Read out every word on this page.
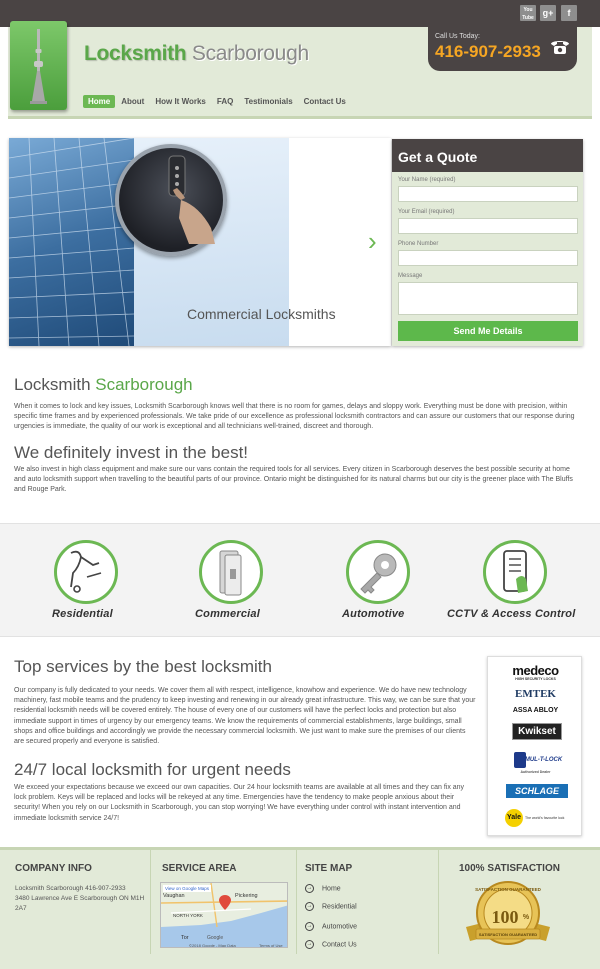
You Tube g+	f
Locksmith Scarborough
Home	About	How It Works	FAQ	Testimonials	Contact Us
Call Us Today:
416-907-2933
Commercial Locksmiths
›
Get a Quote
Your Name (required)
Your Email (required)
Phone Number
Message
Send Me Details
Locksmith Scarborough
When it comes to lock and key issues, Locksmith Scarborough knows well that there is no room for games, delays and sloppy work. Everything must be done with precision, within specific time frames and by experienced professionals. We take pride of our excellence as professional locksmith contractors and can assure our customers that our response during urgencies is immediate, the quality of our work is exceptional and all technicians well-trained, discreet and thorough.
We definitely invest in the best!
We also invest in high class equipment and make sure our vans contain the required tools for all services. Every citizen in Scarborough deserves the best possible security at home and auto locksmith support when travelling to the beautiful parts of our province. Ontario might be distinguished for its natural charms but our city is the greener place with The Bluffs and Rouge Park.
Residential	Commercial	Automotive	CCTV & Access Control
Top services by the best locksmith
Our company is fully dedicated to your needs. We cover them all with respect, intelligence, knowhow and experience. We do have new technology machinery, fast mobile teams and the prudency to keep investing and renewing in our already great infrastructure. This way, we can be sure that your residential locksmith needs will be covered entirely. The house of every one of our customers will have the perfect locks and protection but also immediate support in times of urgency by our emergency teams. We know the requirements of commercial establishments, large buildings, small shops and office buildings and accordingly we provide the necessary commercial locksmith. We just want to make sure the premises of our clients are secured properly and everyone is satisfied.
24/7 local locksmith for urgent needs
We exceed your expectations because we exceed our own capacities. Our 24 hour locksmith teams are available at all times and they can fix any lock problem. Keys will be replaced and locks will be rekeyed at any time. Emergencies have the tendency to make people anxious about their security! When you rely on our Locksmith in Scarborough, you can stop worrying! We have everything under control with instant intervention and immediate locksmith service 24/7!
medeco
HIGH SECURITY LOCKS
EMTEK
ASSA ABLOY
Kwikset
MUL-T-LOCK
Authorized Dealer
SCHLAGE
Yale	The world's favourite lock
COMPANY INFO
Locksmith Scarborough 416-907-2933
3480 Lawrence Ave E Scarborough ON M1H 2A7
SERVICE AREA
View on Google Maps
Vaughan	Pickering
NORTH YORK
Tor	Google
©2018 Google - Map Data	Terms of Use
SITE MAP
→ Home
→ Residential
→ Automotive
→ Contact Us
100% SATISFACTION
SATISFACTION GUARANTEED
100 %
SATISFACTION GUARANTEED
